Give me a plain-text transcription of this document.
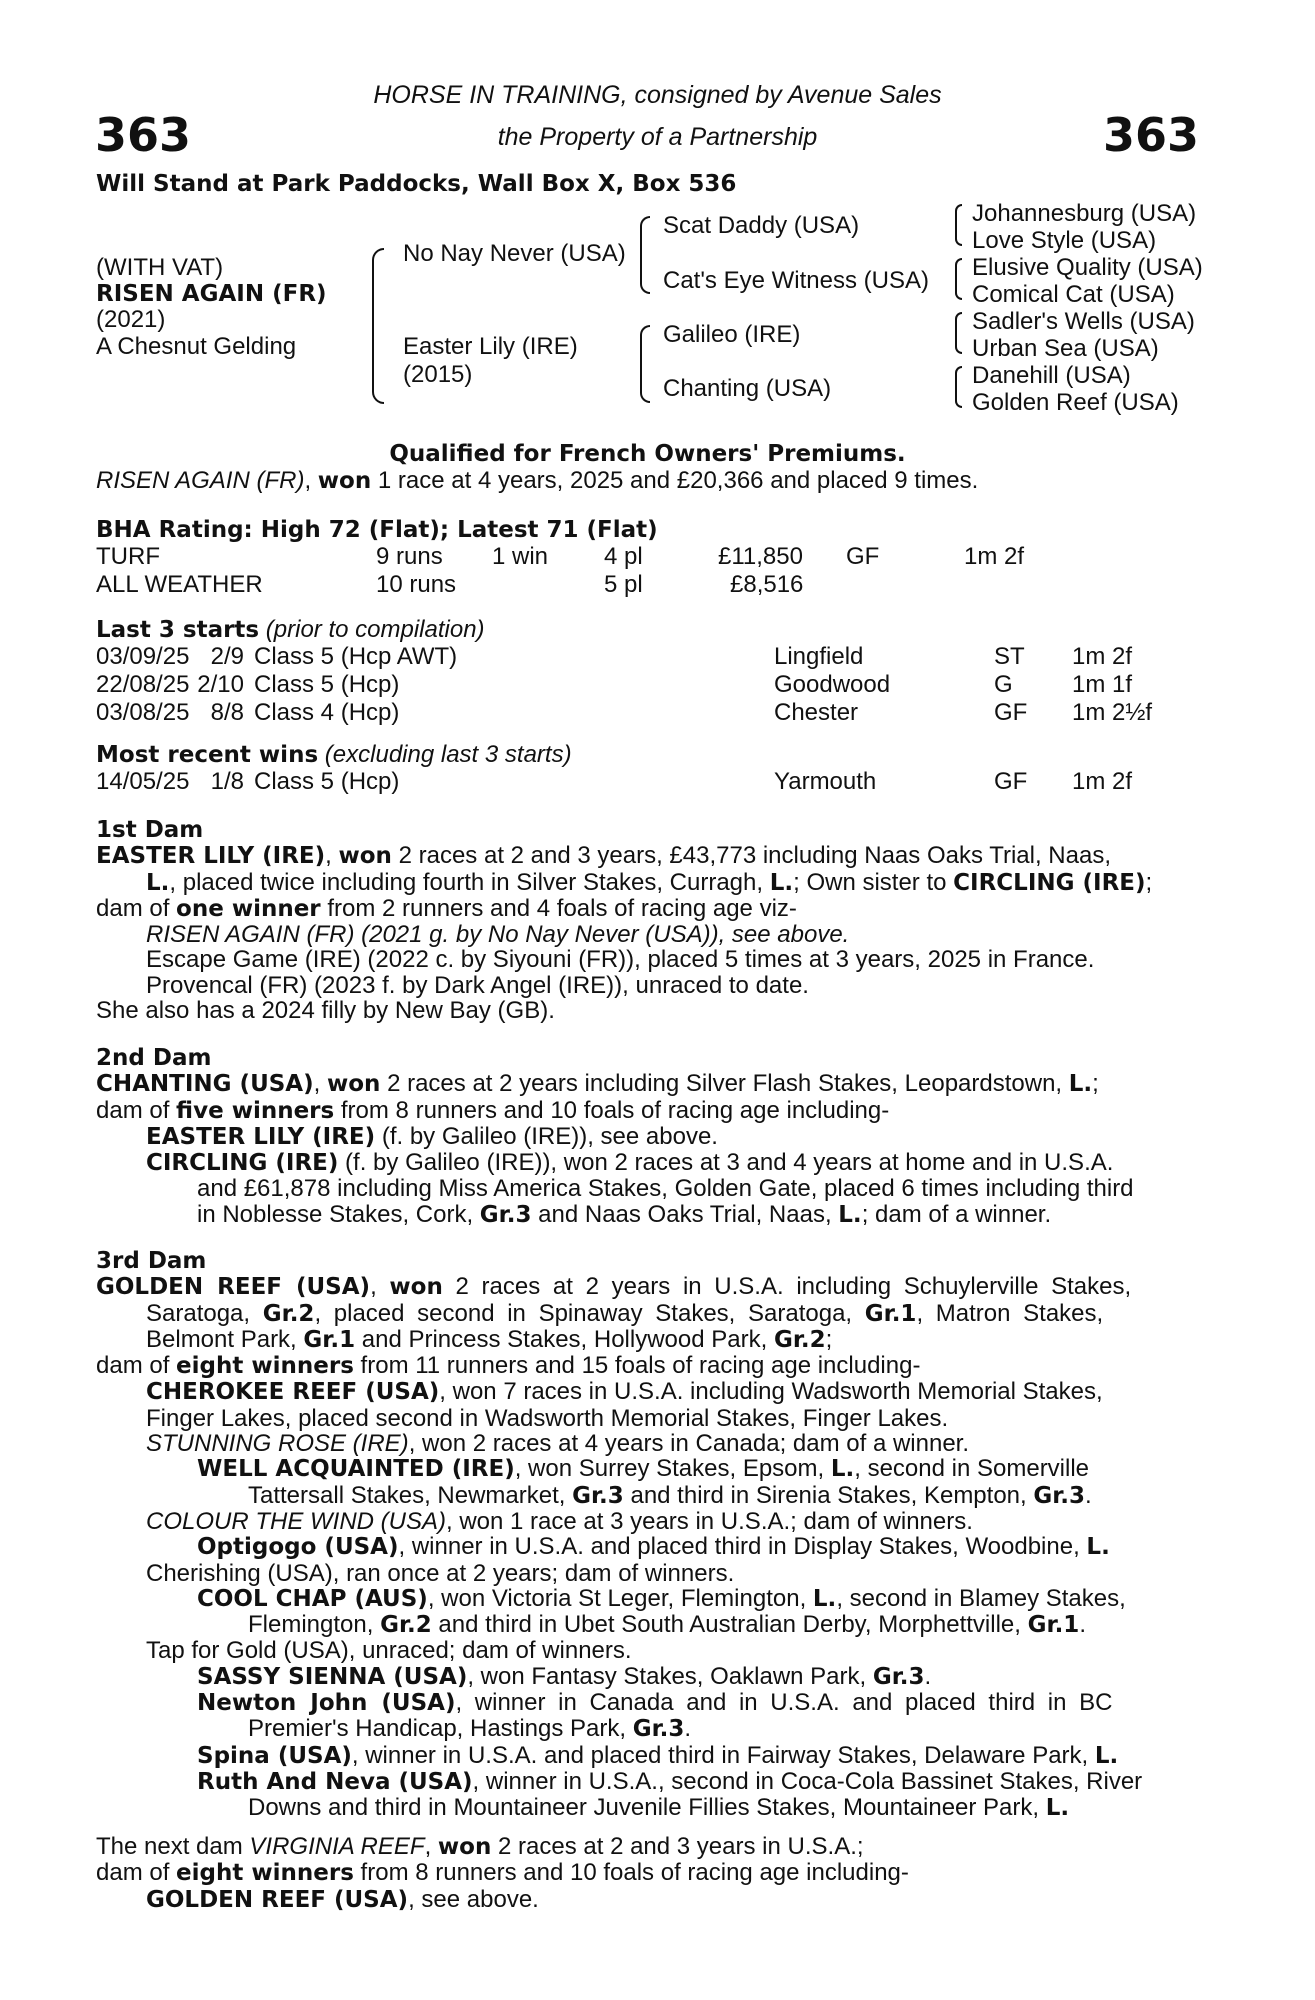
363	363
HORSE IN TRAINING, consigned by Avenue Sales
the Property of a Partnership
Will Stand at Park Paddocks, Wall Box X, Box 536
(WITH VAT)
RISEN AGAIN (FR)
(2021)
A Chesnut Gelding
No Nay Never (USA)
Easter Lily (IRE)
(2015)
Scat Daddy (USA)
Cat's Eye Witness (USA)
Galileo (IRE)
Chanting (USA)
Johannesburg (USA)
Love Style (USA)
Elusive Quality (USA)
Comical Cat (USA)
Sadler's Wells (USA)
Urban Sea (USA)
Danehill (USA)
Golden Reef (USA)
Qualified for French Owners' Premiums.
RISEN AGAIN (FR), won 1 race at 4 years, 2025 and £20,366 and placed 9 times.
BHA Rating: High 72 (Flat); Latest 71 (Flat)
TURF	9 runs	1 win	4 pl	£11,850	GF	1m 2f
ALL WEATHER	10 runs		5 pl	£8,516		
Last 3 starts (prior to compilation)
03/09/25	2/9	Class 5 (Hcp AWT)	Lingfield	ST	1m 2f
22/08/25	2/10	Class 5 (Hcp)	Goodwood	G	1m 1f
03/08/25	8/8	Class 4 (Hcp)	Chester	GF	1m 2½f
Most recent wins (excluding last 3 starts)
14/05/25	1/8	Class 5 (Hcp)	Yarmouth	GF	1m 2f
1st Dam
EASTER LILY (IRE), won 2 races at 2 and 3 years, £43,773 including Naas Oaks Trial, Naas,
L., placed twice including fourth in Silver Stakes, Curragh, L.; Own sister to CIRCLING (IRE);
dam of one winner from 2 runners and 4 foals of racing age viz-
RISEN AGAIN (FR) (2021 g. by No Nay Never (USA)), see above.
Escape Game (IRE) (2022 c. by Siyouni (FR)), placed 5 times at 3 years, 2025 in France.
Provencal (FR) (2023 f. by Dark Angel (IRE)), unraced to date.
She also has a 2024 filly by New Bay (GB).
2nd Dam
CHANTING (USA), won 2 races at 2 years including Silver Flash Stakes, Leopardstown, L.;
dam of five winners from 8 runners and 10 foals of racing age including-
EASTER LILY (IRE) (f. by Galileo (IRE)), see above.
CIRCLING (IRE) (f. by Galileo (IRE)), won 2 races at 3 and 4 years at home and in U.S.A.
and £61,878 including Miss America Stakes, Golden Gate, placed 6 times including third
in Noblesse Stakes, Cork, Gr.3 and Naas Oaks Trial, Naas, L.; dam of a winner.
3rd Dam
GOLDEN REEF (USA), won 2 races at 2 years in U.S.A. including Schuylerville Stakes,
Saratoga, Gr.2, placed second in Spinaway Stakes, Saratoga, Gr.1, Matron Stakes,
Belmont Park, Gr.1 and Princess Stakes, Hollywood Park, Gr.2;
dam of eight winners from 11 runners and 15 foals of racing age including-
CHEROKEE REEF (USA), won 7 races in U.S.A. including Wadsworth Memorial Stakes,
Finger Lakes, placed second in Wadsworth Memorial Stakes, Finger Lakes.
STUNNING ROSE (IRE), won 2 races at 4 years in Canada; dam of a winner.
WELL ACQUAINTED (IRE), won Surrey Stakes, Epsom, L., second in Somerville
Tattersall Stakes, Newmarket, Gr.3 and third in Sirenia Stakes, Kempton, Gr.3.
COLOUR THE WIND (USA), won 1 race at 3 years in U.S.A.; dam of winners.
Optigogo (USA), winner in U.S.A. and placed third in Display Stakes, Woodbine, L.
Cherishing (USA), ran once at 2 years; dam of winners.
COOL CHAP (AUS), won Victoria St Leger, Flemington, L., second in Blamey Stakes,
Flemington, Gr.2 and third in Ubet South Australian Derby, Morphettville, Gr.1.
Tap for Gold (USA), unraced; dam of winners.
SASSY SIENNA (USA), won Fantasy Stakes, Oaklawn Park, Gr.3.
Newton John (USA), winner in Canada and in U.S.A. and placed third in BC
Premier's Handicap, Hastings Park, Gr.3.
Spina (USA), winner in U.S.A. and placed third in Fairway Stakes, Delaware Park, L.
Ruth And Neva (USA), winner in U.S.A., second in Coca-Cola Bassinet Stakes, River
Downs and third in Mountaineer Juvenile Fillies Stakes, Mountaineer Park, L.
The next dam VIRGINIA REEF, won 2 races at 2 and 3 years in U.S.A.;
dam of eight winners from 8 runners and 10 foals of racing age including-
GOLDEN REEF (USA), see above.
